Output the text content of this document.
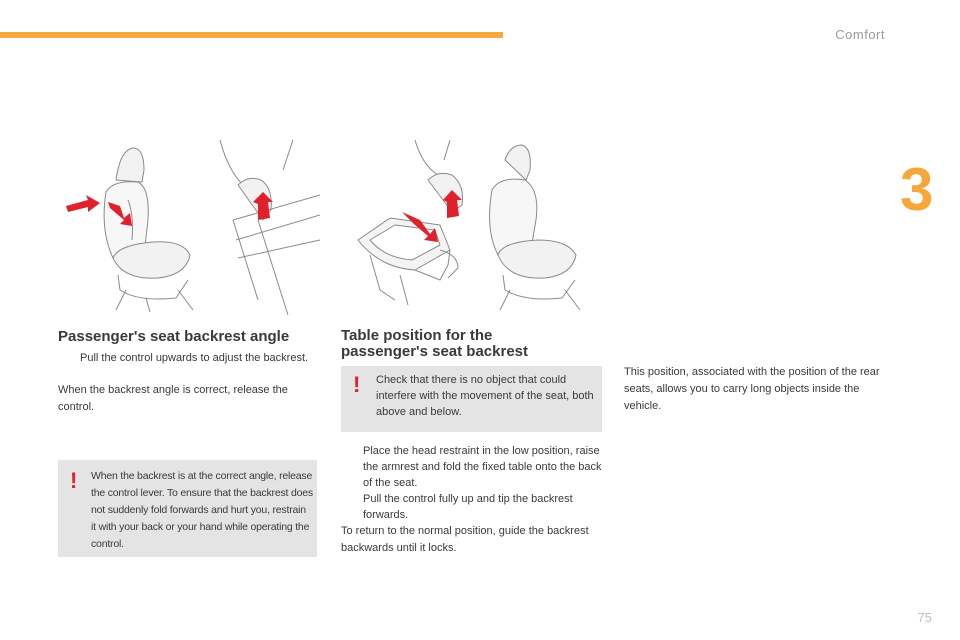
Comfort
3
Passenger's seat backrest angle
Pull the control upwards to adjust the backrest.
When the backrest angle is correct, release the control.
! When the backrest is at the correct angle, release the control lever. To ensure that the backrest does not suddenly fold forwards and hurt you, restrain it with your back or your hand while operating the control.
Table position for the
passenger's seat backrest
! Check that there is no object that could interfere with the movement of the seat, both above and below.
Place the head restraint in the low position, raise the armrest and fold the fixed table onto the back of the seat.
Pull the control fully up and tip the backrest forwards.
To return to the normal position, guide the backrest backwards until it locks.
This position, associated with the position of the rear seats, allows you to carry long objects inside the vehicle.
75
